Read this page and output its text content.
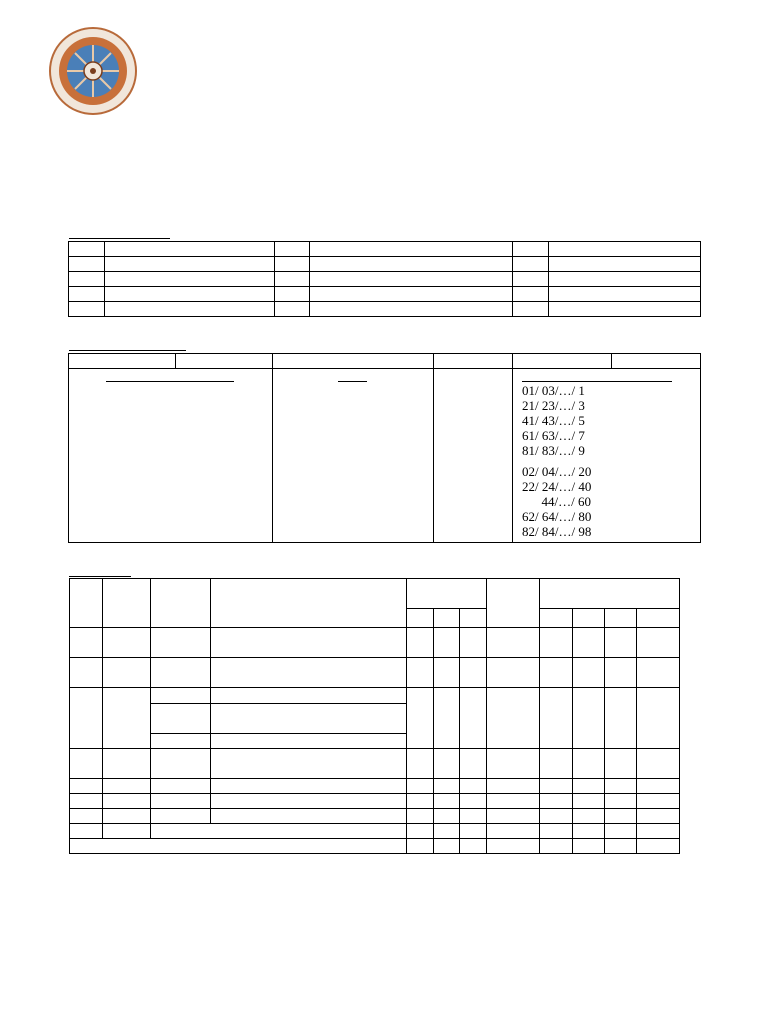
01/ 03/…/ 1
21/ 23/…/ 3
41/ 43/…/ 5
61/ 63/…/ 7
81/ 83/…/ 9
02/ 04/…/ 20
22/ 24/…/ 40
44/…/ 60
62/ 64/…/ 80
82/ 84/…/ 98
